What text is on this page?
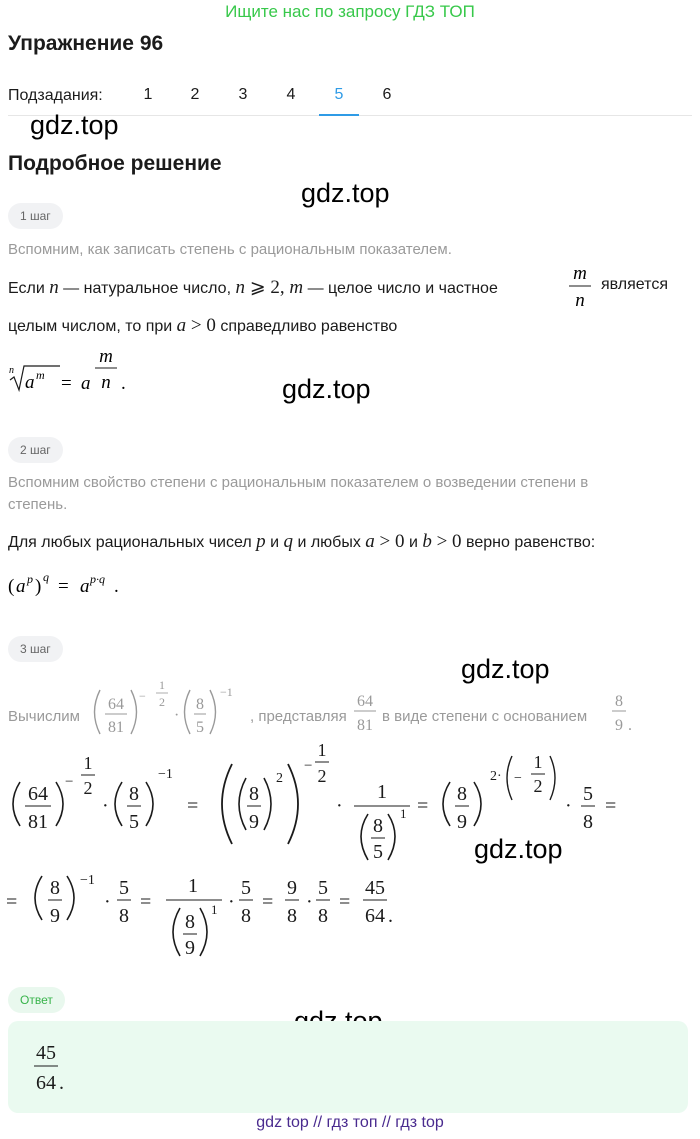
Ищите нас по запросу ГДЗ ТОП
Упражнение 96
Подзадания:	1	2	3	4	5	6
gdz.top
gdz.top
gdz.top
gdz.top
gdz.top
Подробное решение
1 шаг
Вспомним, как записать степень с рациональным показателем.
Если n — натуральное число, n ⩾ 2, m — целое число и частное
m
n
является
целым числом, то при a > 0 справедливо равенство
n
a m = a
m
n .
2 шаг
Вспомним свойство степени с рациональным показателем о возведении степени в
степень.
Для любых рациональных чисел p и q и любых a > 0 и b > 0 верно равенство:
( a p ) q = a p·q .
3 шаг
Вычислим
64
81
−
1
2
·
8
5
−1
, представляя
64
81
в виде степени с основанием
8
9 .
64
81
−
1
2
·
8
5
−1
=
8
9
2
−
1
2
·
1
8
5
1 =
8
9
2· −
1
2
·
5
8
=
=
8
9
−1
·
5
8
=
1
8
9
1 ·
5
8
=
9
8
·
5
8
=
45
64 .
Ответ
45
64 .
gdz top // гдз топ // гдз top
